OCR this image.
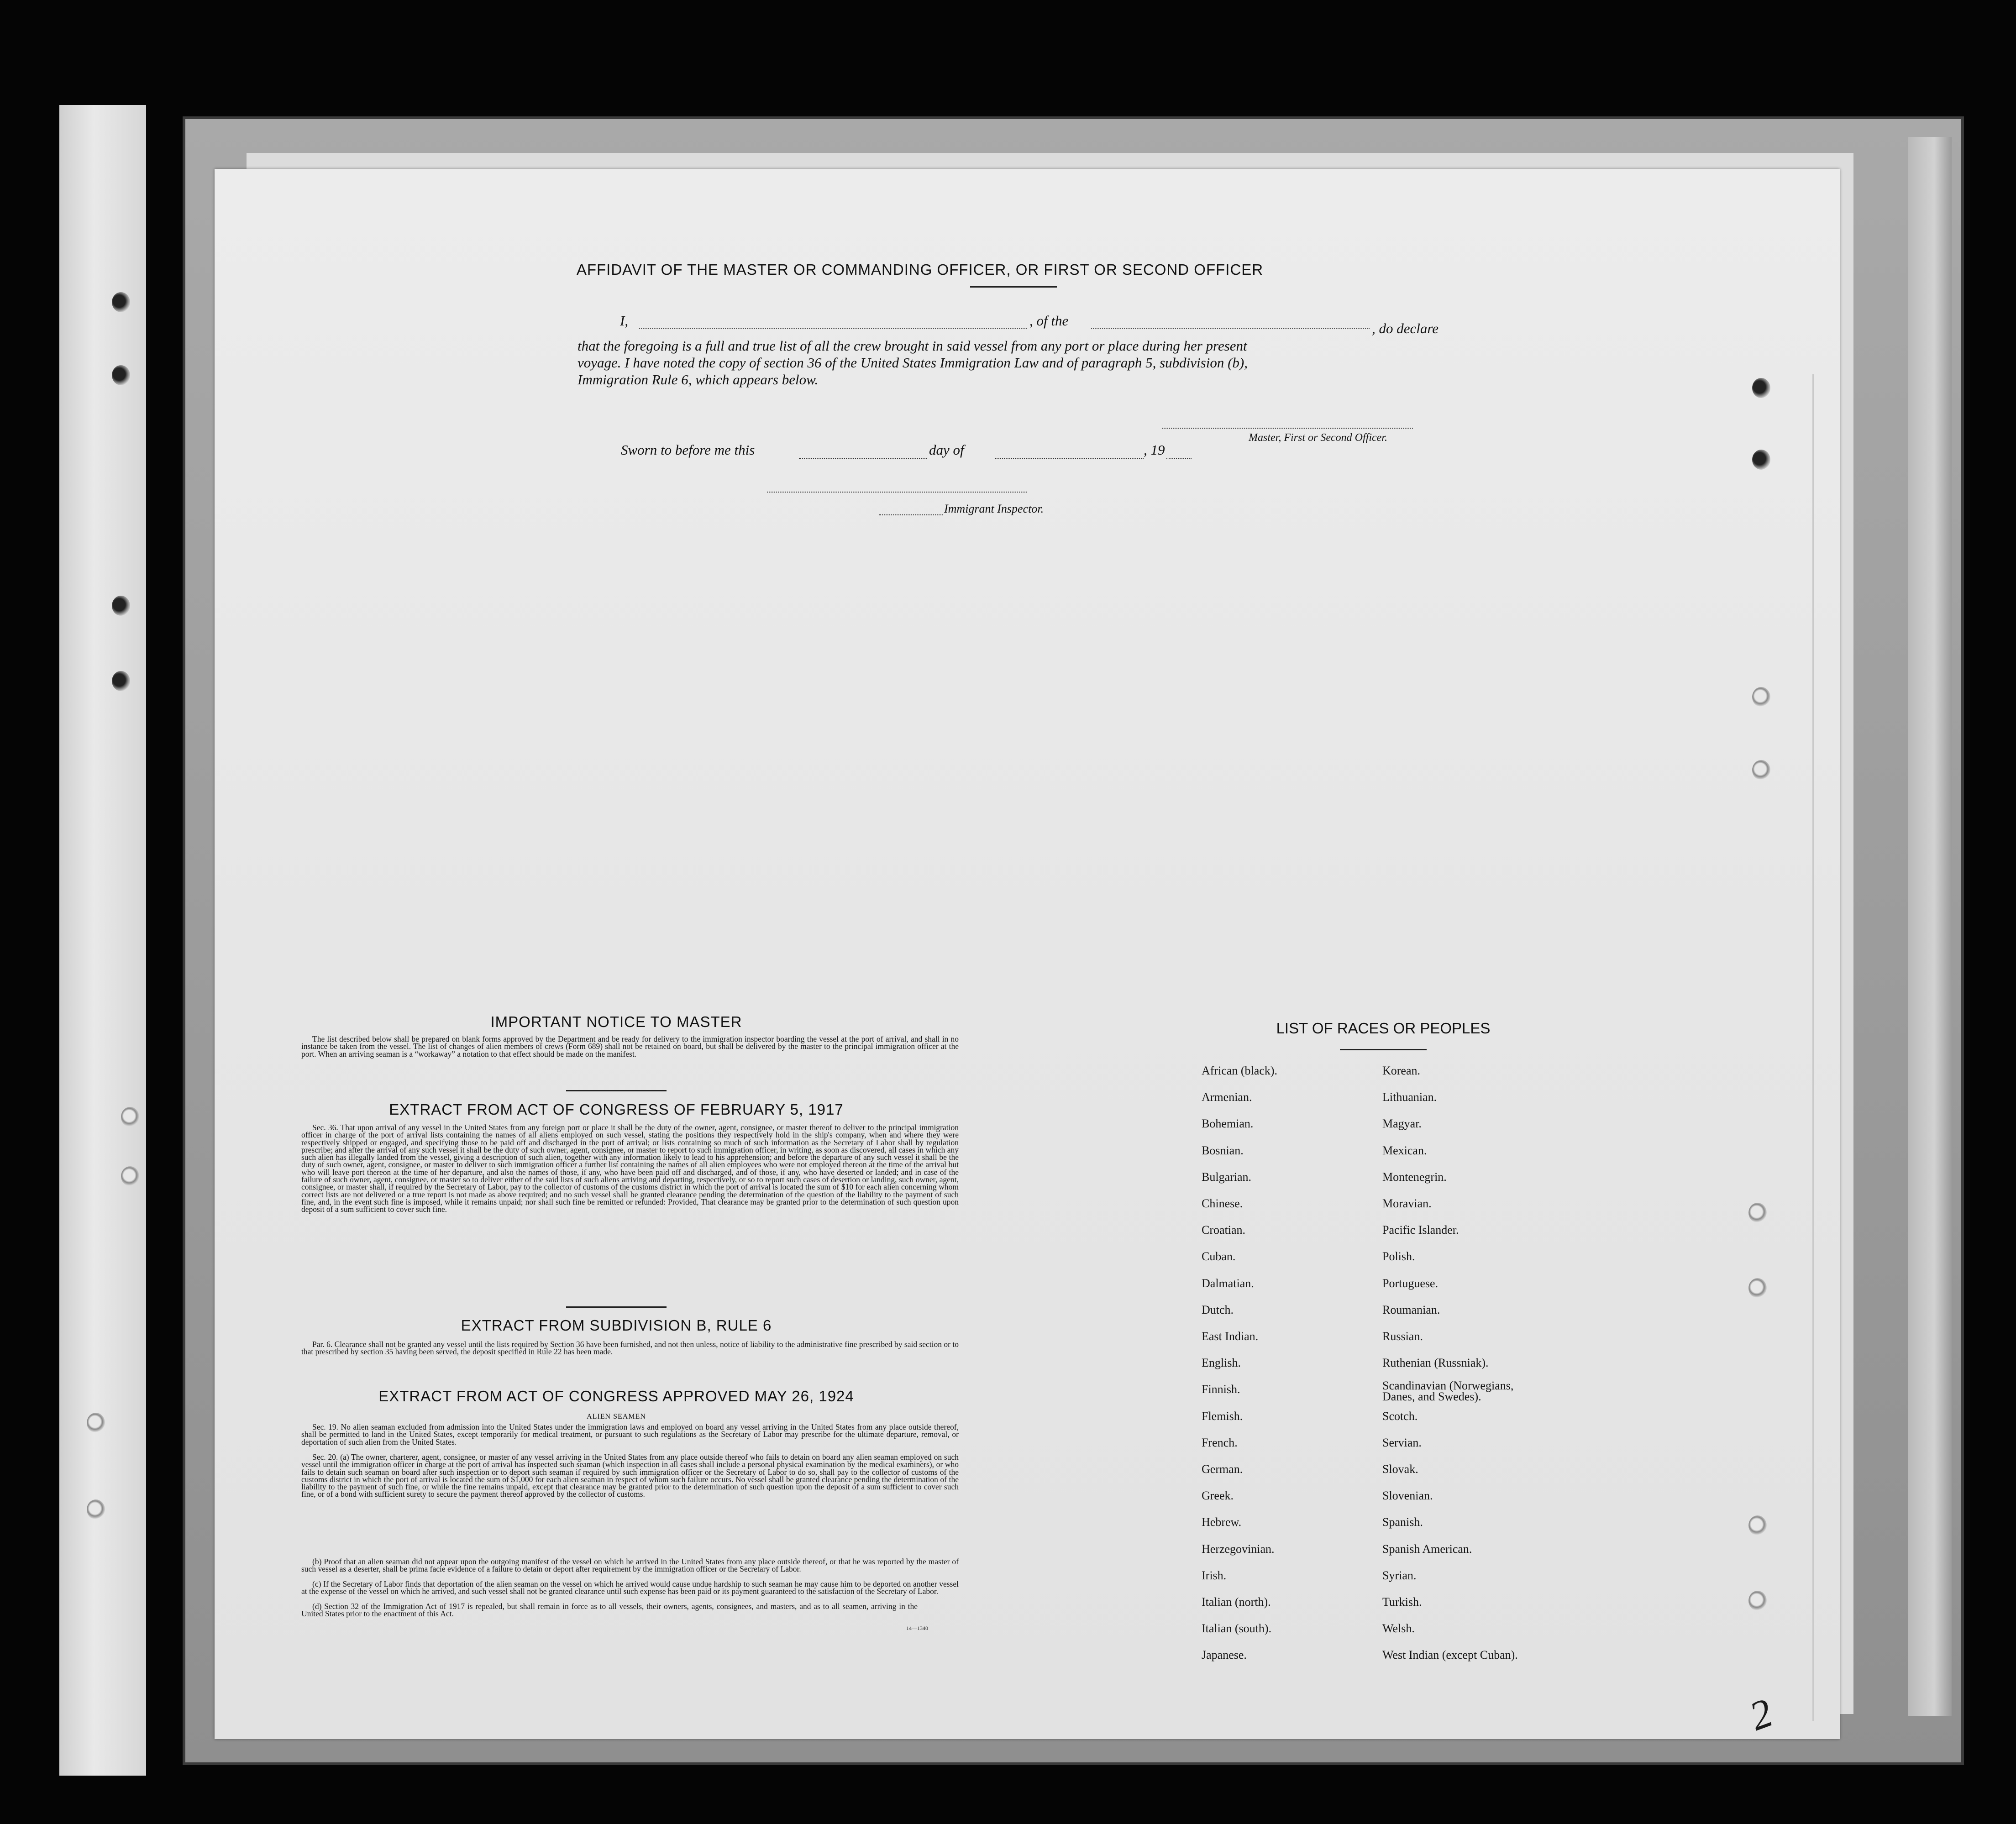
AFFIDAVIT OF THE MASTER OR COMMANDING OFFICER, OR FIRST OR SECOND OFFICER
I,	, of the	, do declare
that the foregoing is a full and true list of all the crew brought in said vessel from any port or place during her present
voyage. I have noted the copy of section 36 of the United States Immigration Law and of paragraph 5, subdivision (b),
Immigration Rule 6, which appears below.
Master, First or Second Officer.
Sworn to before me this	day of	, 19
Immigrant Inspector.
IMPORTANT NOTICE TO MASTER
The list described below shall be prepared on blank forms approved by the Department and be ready for delivery to the immigration inspector boarding the vessel at the port of arrival, and shall in no instance be taken from the vessel. The list of changes of alien members of crews (Form 689) shall not be retained on board, but shall be delivered by the master to the principal immigration officer at the port. When an arriving seaman is a “workaway” a notation to that effect should be made on the manifest.
EXTRACT FROM ACT OF CONGRESS OF FEBRUARY 5, 1917
Sec. 36. That upon arrival of any vessel in the United States from any foreign port or place it shall be the duty of the owner, agent, consignee, or master thereof to deliver to the principal immigration officer in charge of the port of arrival lists containing the names of all aliens employed on such vessel, stating the positions they respectively hold in the ship's company, when and where they were respectively shipped or engaged, and specifying those to be paid off and discharged in the port of arrival; or lists containing so much of such information as the Secretary of Labor shall by regulation prescribe; and after the arrival of any such vessel it shall be the duty of such owner, agent, consignee, or master to report to such immigration officer, in writing, as soon as discovered, all cases in which any such alien has illegally landed from the vessel, giving a description of such alien, together with any information likely to lead to his apprehension; and before the departure of any such vessel it shall be the duty of such owner, agent, consignee, or master to deliver to such immigration officer a further list containing the names of all alien employees who were not employed thereon at the time of the arrival but who will leave port thereon at the time of her departure, and also the names of those, if any, who have been paid off and discharged, and of those, if any, who have deserted or landed; and in case of the failure of such owner, agent, consignee, or master so to deliver either of the said lists of such aliens arriving and departing, respectively, or so to report such cases of desertion or landing, such owner, agent, consignee, or master shall, if required by the Secretary of Labor, pay to the collector of customs of the customs district in which the port of arrival is located the sum of $10 for each alien concerning whom correct lists are not delivered or a true report is not made as above required; and no such vessel shall be granted clearance pending the determination of the question of the liability to the payment of such fine, and, in the event such fine is imposed, while it remains unpaid; nor shall such fine be remitted or refunded: Provided, That clearance may be granted prior to the determination of such question upon deposit of a sum sufficient to cover such fine.
EXTRACT FROM SUBDIVISION B, RULE 6
Par. 6. Clearance shall not be granted any vessel until the lists required by Section 36 have been furnished, and not then unless, notice of liability to the administrative fine prescribed by said section or to that prescribed by section 35 having been served, the deposit specified in Rule 22 has been made.
EXTRACT FROM ACT OF CONGRESS APPROVED MAY 26, 1924
ALIEN SEAMEN
Sec. 19. No alien seaman excluded from admission into the United States under the immigration laws and employed on board any vessel arriving in the United States from any place outside thereof, shall be permitted to land in the United States, except temporarily for medical treatment, or pursuant to such regulations as the Secretary of Labor may prescribe for the ultimate departure, removal, or deportation of such alien from the United States.
Sec. 20. (a) The owner, charterer, agent, consignee, or master of any vessel arriving in the United States from any place outside thereof who fails to detain on board any alien seaman employed on such vessel until the immigration officer in charge at the port of arrival has inspected such seaman (which inspection in all cases shall include a personal physical examination by the medical examiners), or who fails to detain such seaman on board after such inspection or to deport such seaman if required by such immigration officer or the Secretary of Labor to do so, shall pay to the collector of customs of the customs district in which the port of arrival is located the sum of $1,000 for each alien seaman in respect of whom such failure occurs. No vessel shall be granted clearance pending the determination of the liability to the payment of such fine, or while the fine remains unpaid, except that clearance may be granted prior to the determination of such question upon the deposit of a sum sufficient to cover such fine, or of a bond with sufficient surety to secure the payment thereof approved by the collector of customs.
(b) Proof that an alien seaman did not appear upon the outgoing manifest of the vessel on which he arrived in the United States from any place outside thereof, or that he was reported by the master of such vessel as a deserter, shall be prima facie evidence of a failure to detain or deport after requirement by the immigration officer or the Secretary of Labor.
(c) If the Secretary of Labor finds that deportation of the alien seaman on the vessel on which he arrived would cause undue hardship to such seaman he may cause him to be deported on another vessel at the expense of the vessel on which he arrived, and such vessel shall not be granted clearance until such expense has been paid or its payment guaranteed to the satisfaction of the Secretary of Labor.
(d) Section 32 of the Immigration Act of 1917 is repealed, but shall remain in force as to all vessels, their owners, agents, consignees, and masters, and as to all seamen, arriving in the United States prior to the enactment of this Act.
14—1340
LIST OF RACES OR PEOPLES
African (black).
Armenian.
Bohemian.
Bosnian.
Bulgarian.
Chinese.
Croatian.
Cuban.
Dalmatian.
Dutch.
East Indian.
English.
Finnish.
Flemish.
French.
German.
Greek.
Hebrew.
Herzegovinian.
Irish.
Italian (north).
Italian (south).
Japanese.
Korean.
Lithuanian.
Magyar.
Mexican.
Montenegrin.
Moravian.
Pacific Islander.
Polish.
Portuguese.
Roumanian.
Russian.
Ruthenian (Russniak).
Scandinavian (Norwegians, Danes, and Swedes).
Scotch.
Servian.
Slovak.
Slovenian.
Spanish.
Spanish American.
Syrian.
Turkish.
Welsh.
West Indian (except Cuban).
2
